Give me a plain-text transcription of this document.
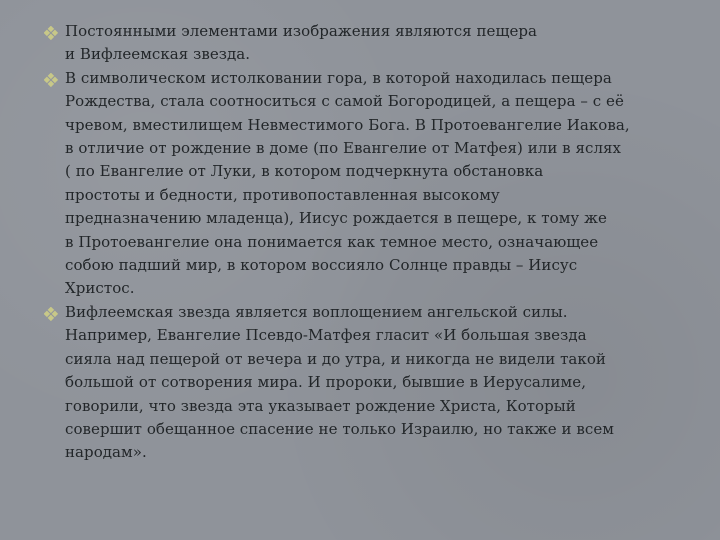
Постоянными элементами изображения являются пещера
и Вифлеемская звезда.
В символическом истолковании гора, в которой находилась пещера
Рождества, стала соотноситься с самой Богородицей, а пещера – с её
чревом, вместилищем Невместимого Бога. В Протоевангелие Иакова,
в отличие от рождение в доме (по Евангелие от Матфея) или в яслях
( по Евангелие от Луки, в котором подчеркнута обстановка
простоты и бедности, противопоставленная высокому
предназначению младенца), Иисус рождается в пещере, к тому же
в Протоевангелие она понимается как темное место, означающее
собою падший мир, в котором воссияло Солнце правды – Иисус
Христос.
Вифлеемская звезда является воплощением ангельской силы.
Например, Евангелие Псевдо-Матфея гласит «И большая звезда
сияла над пещерой от вечера и до утра, и никогда не видели такой
большой от сотворения мира. И пророки, бывшие в Иерусалиме,
говорили, что звезда эта указывает рождение Христа, Который
совершит обещанное спасение не только Израилю, но также и всем
народам».
